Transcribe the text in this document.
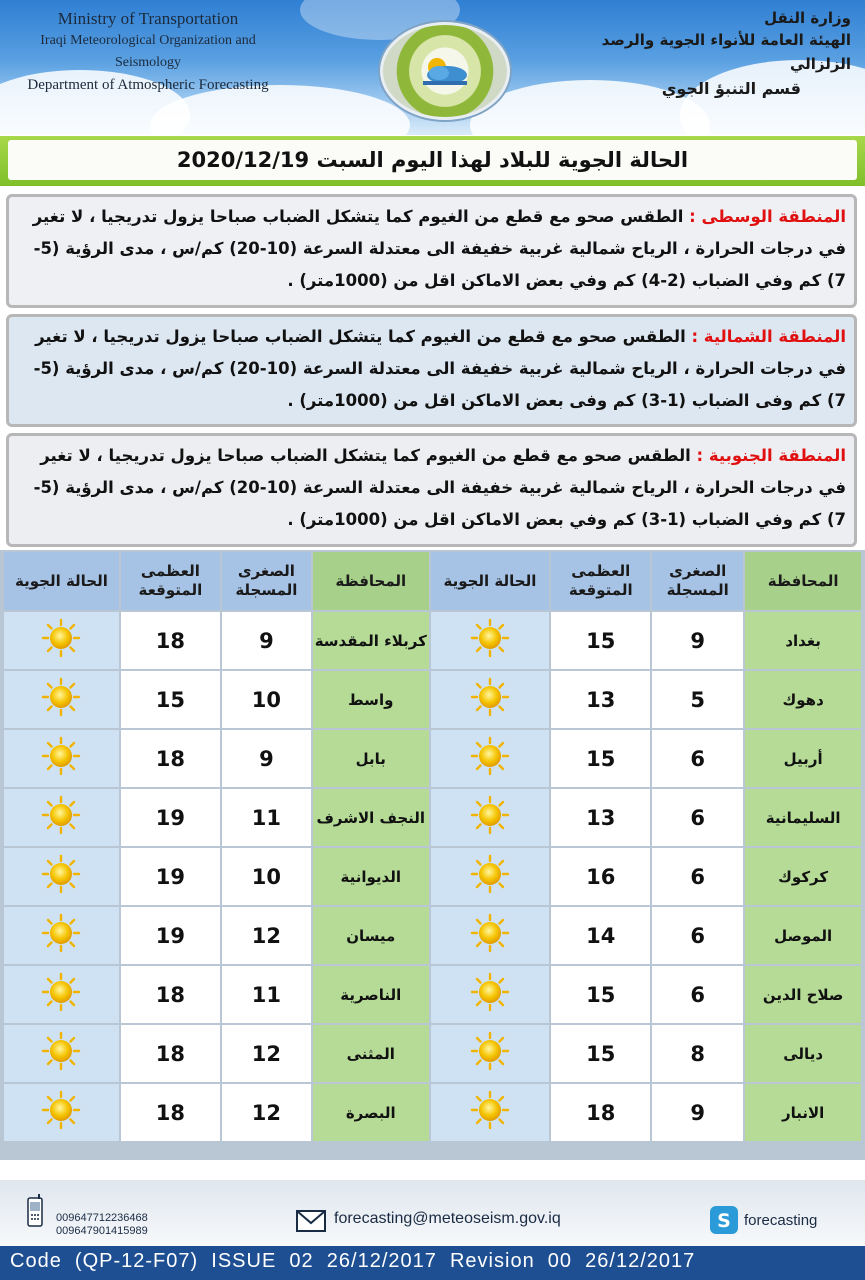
Ministry of Transportation
Iraqi Meteorological Organization and Seismology
Department of Atmospheric Forecasting
وزارة النقل
الهيئة العامة للأنواء الجوية والرصد الزلزالي
قسم التنبؤ الجوي
الحالة الجوية للبلاد لهذا اليوم السبت 2020/12/19
المنطقة الوسطى : الطقس صحو مع قطع من الغيوم كما يتشكل الضباب صباحا يزول تدريجيا ، لا تغير في درجات الحرارة ، الرياح شمالية غربية خفيفة الى معتدلة السرعة (10-20) كم/س ، مدى الرؤية (5-7) كم وفي الضباب (2-4) كم وفي بعض الاماكن اقل من (1000متر) .
المنطقة الشمالية : الطقس صحو مع قطع من الغيوم كما يتشكل الضباب صباحا يزول تدريجيا ، لا تغير في درجات الحرارة ، الرياح شمالية غربية خفيفة الى معتدلة السرعة (10-20) كم/س ، مدى الرؤية (5-7) كم وفى الضباب (1-3) كم وفى بعض الاماكن اقل من (1000متر) .
المنطقة الجنوبية : الطقس صحو مع قطع من الغيوم كما يتشكل الضباب صباحا يزول تدريجيا ، لا تغير في درجات الحرارة ، الرياح شمالية غربية خفيفة الى معتدلة السرعة (10-20) كم/س ، مدى الرؤية (5-7) كم وفي الضباب (1-3) كم وفي بعض الاماكن اقل من (1000متر) .
المحافظة	الصغرى المسجلة	العظمى المتوقعة	الحالة الجوية	المحافظة	الصغرى المسجلة	العظمى المتوقعة	الحالة الجوية
بغداد	9	15		كربلاء المقدسة	9	18	
دهوك	5	13		واسط	10	15	
أربيل	6	15		بابل	9	18	
السليمانية	6	13		النجف الاشرف	11	19	
كركوك	6	16		الديوانية	10	19	
الموصل	6	14		ميسان	12	19	
صلاح الدين	6	15		الناصرية	11	18	
ديالى	8	15		المثنى	12	18	
الانبار	9	18		البصرة	12	18	
009647712236468
009647901415989
forecasting@meteoseism.gov.iq	S forecasting
Code  (QP-12-F07)  ISSUE  02  26/12/2017  Revision  00  26/12/2017
